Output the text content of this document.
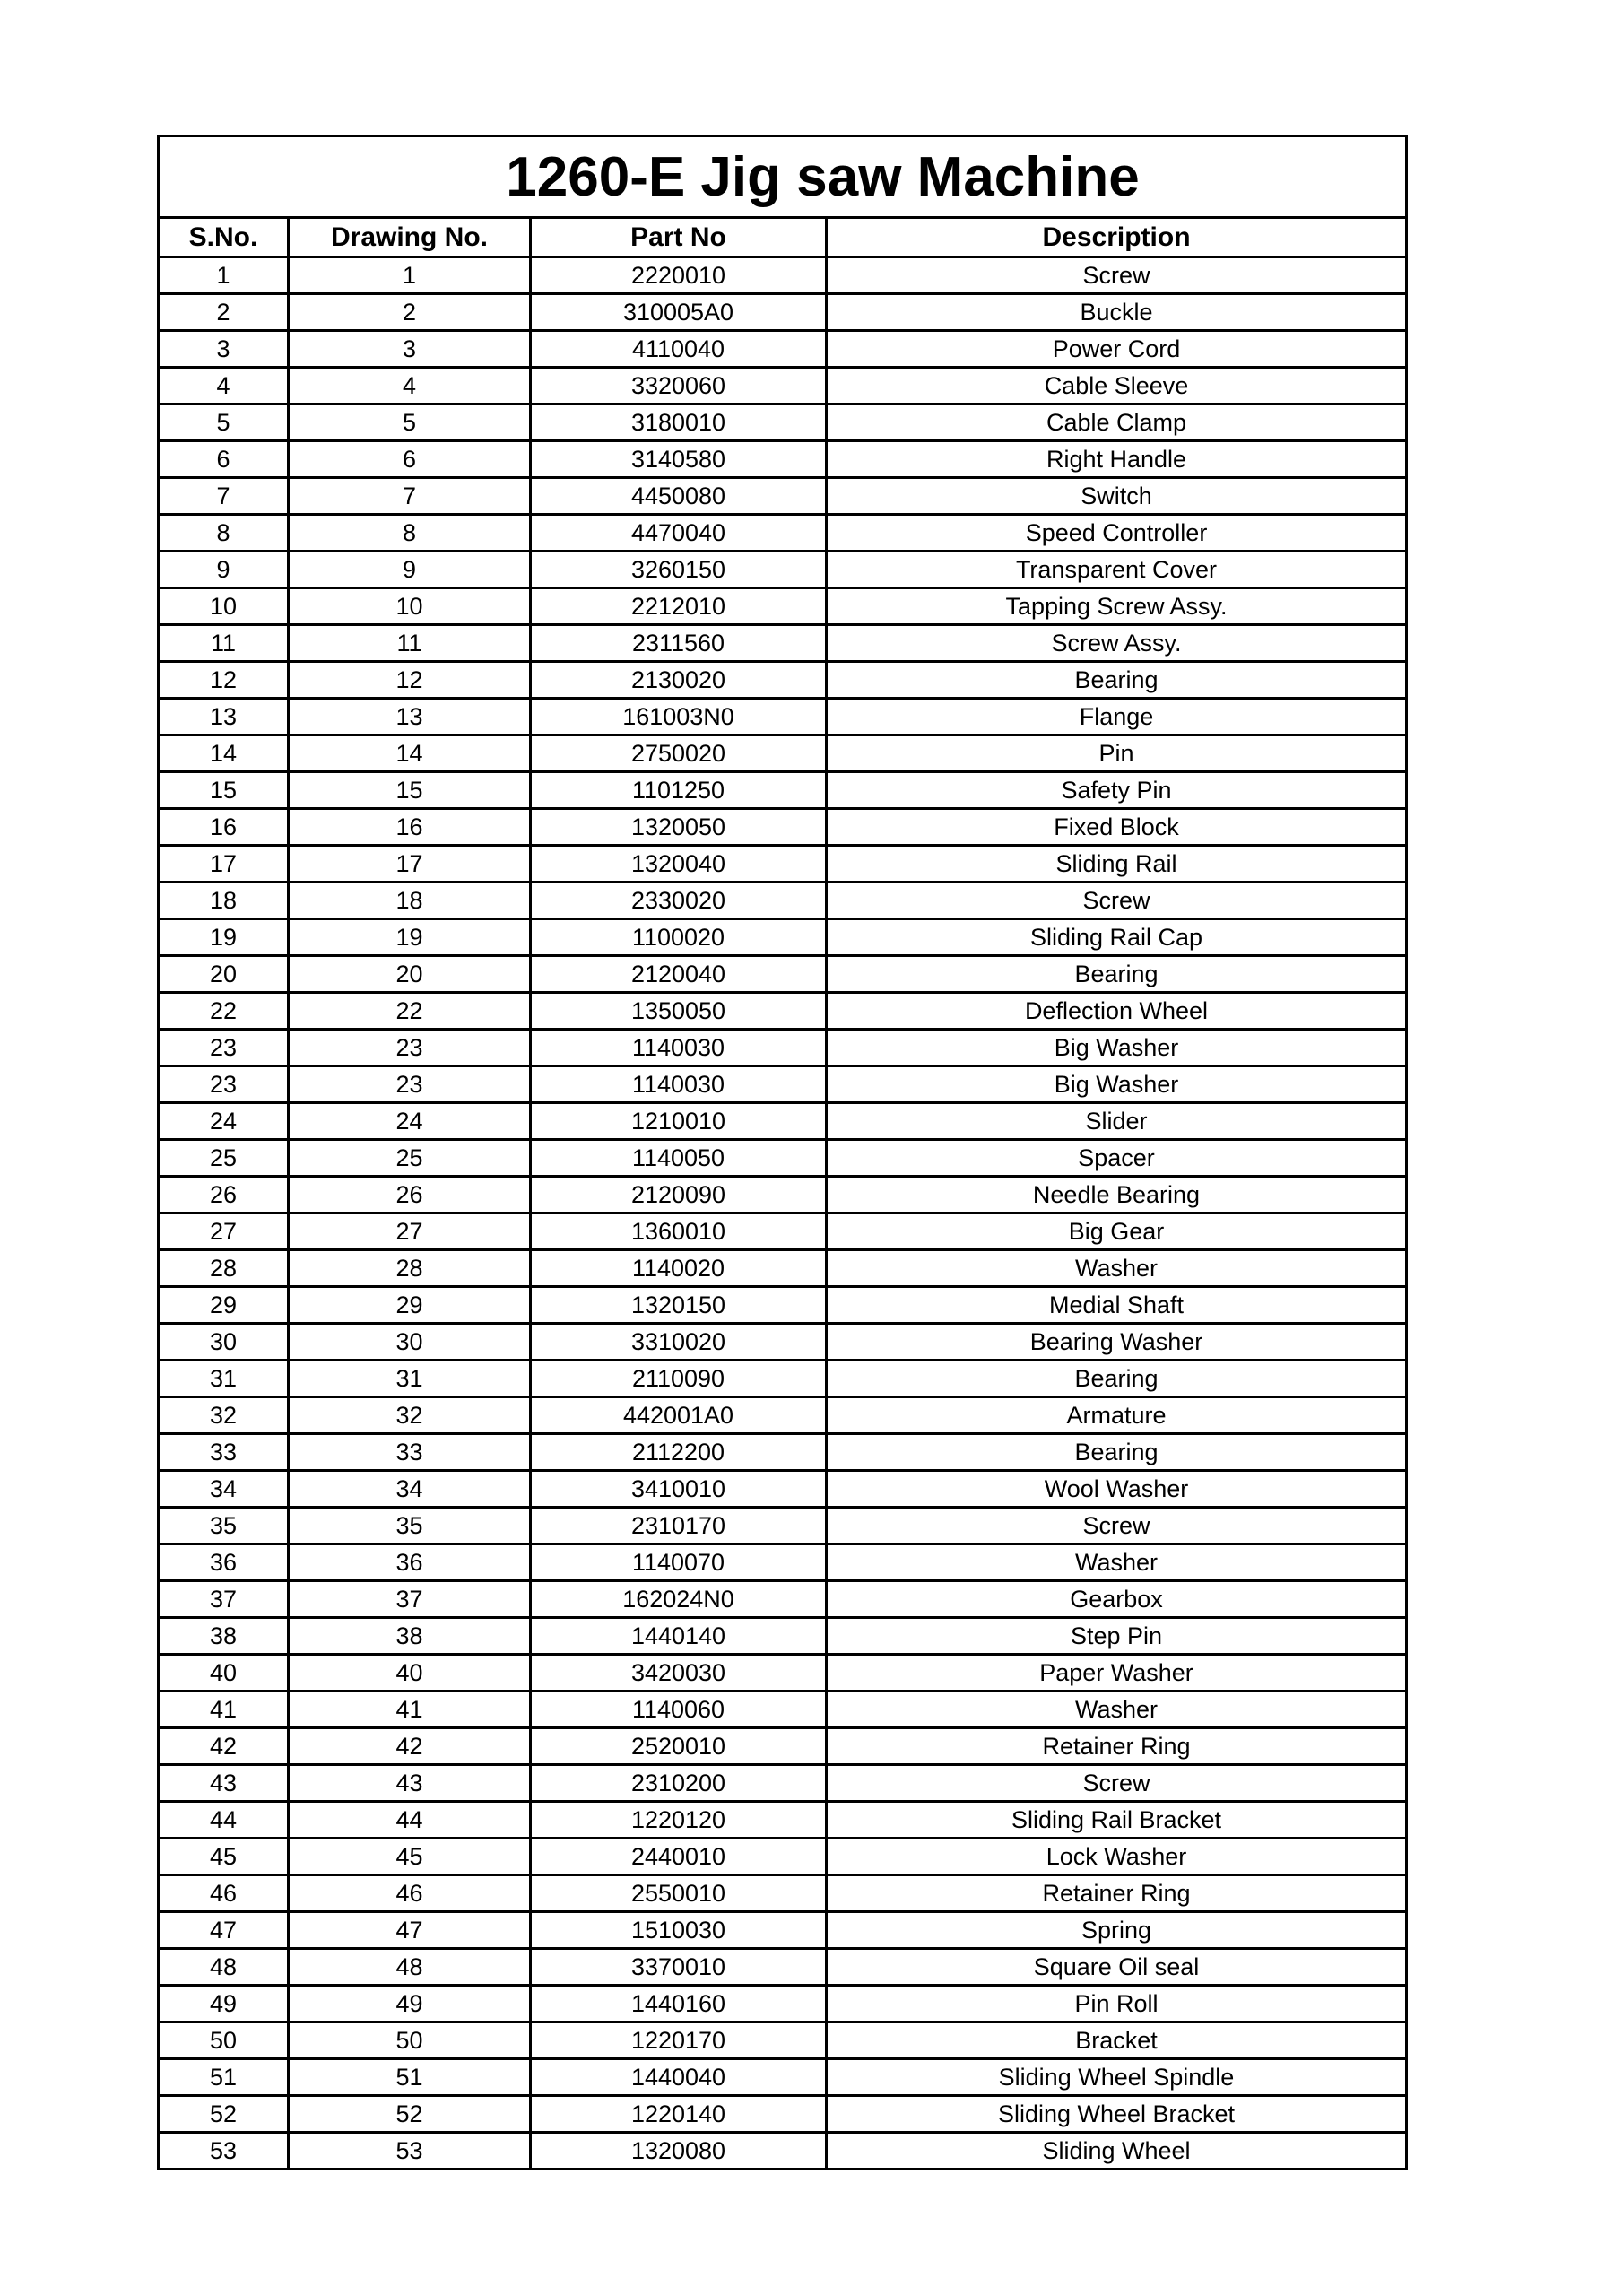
1260-E Jig saw Machine			
S.No.	Drawing No.	Part No	Description
1	1	2220010	Screw
2	2	310005A0	Buckle
3	3	4110040	Power Cord
4	4	3320060	Cable Sleeve
5	5	3180010	Cable Clamp
6	6	3140580	Right Handle
7	7	4450080	Switch
8	8	4470040	Speed Controller
9	9	3260150	Transparent Cover
10	10	2212010	Tapping Screw Assy.
11	11	2311560	Screw Assy.
12	12	2130020	Bearing
13	13	161003N0	Flange
14	14	2750020	Pin
15	15	1101250	Safety Pin
16	16	1320050	Fixed Block
17	17	1320040	Sliding Rail
18	18	2330020	Screw
19	19	1100020	Sliding Rail Cap
20	20	2120040	Bearing
22	22	1350050	Deflection Wheel
23	23	1140030	Big Washer
23	23	1140030	Big Washer
24	24	1210010	Slider
25	25	1140050	Spacer
26	26	2120090	Needle Bearing
27	27	1360010	Big Gear
28	28	1140020	Washer
29	29	1320150	Medial Shaft
30	30	3310020	Bearing Washer
31	31	2110090	Bearing
32	32	442001A0	Armature
33	33	2112200	Bearing
34	34	3410010	Wool Washer
35	35	2310170	Screw
36	36	1140070	Washer
37	37	162024N0	Gearbox
38	38	1440140	Step Pin
40	40	3420030	Paper Washer
41	41	1140060	Washer
42	42	2520010	Retainer Ring
43	43	2310200	Screw
44	44	1220120	Sliding Rail Bracket
45	45	2440010	Lock Washer
46	46	2550010	Retainer Ring
47	47	1510030	Spring
48	48	3370010	Square Oil seal
49	49	1440160	Pin Roll
50	50	1220170	Bracket
51	51	1440040	Sliding Wheel Spindle
52	52	1220140	Sliding Wheel Bracket
53	53	1320080	Sliding Wheel
